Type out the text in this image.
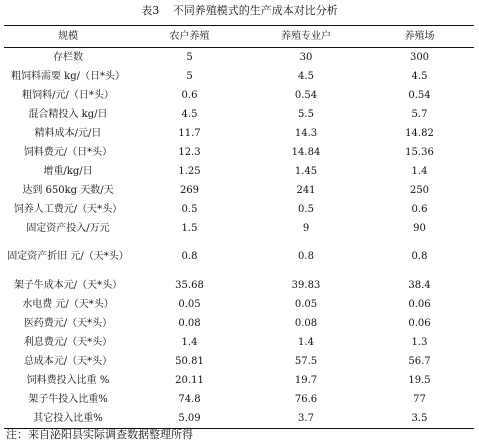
表3 不同养殖模式的生产成本对比分析
规模	农户养殖	养殖专业户	养殖场
存栏数	5	30	300
粗饲料需要 kg/（日*头）	5	4.5	4.5
粗饲料/元/（日*头）	0.6	0.54	0.54
混合精投入 kg/日	4.5	5.5	5.7
精料成本/元/日	11.7	14.3	14.82
饲料费元/（日*头）	12.3	14.84	15.36
增重/kg/日	1.25	1.45	1.4
达到 650kg 天数/天	269	241	250
饲养人工费元/（天*头）	0.5	0.5	0.6
固定资产投入/万元	1.5	9	90
固定资产折旧 元/（天*头）	0.8	0.8	0.8
架子牛成本元/（天*头）	35.68	39.83	38.4
水电费 元/（天*头）	0.05	0.05	0.06
医药费元/（天*头）	0.08	0.08	0.06
利息费元/（天*头）	1.4	1.4	1.3
总成本元/（天*头）	50.81	57.5	56.7
饲料费投入比重 %	20.11	19.7	19.5
架子牛投入比重%	74.8	76.6	77
其它投入比重%	5.09	3.7	3.5
注：来自泌阳县实际调查数据整理所得
